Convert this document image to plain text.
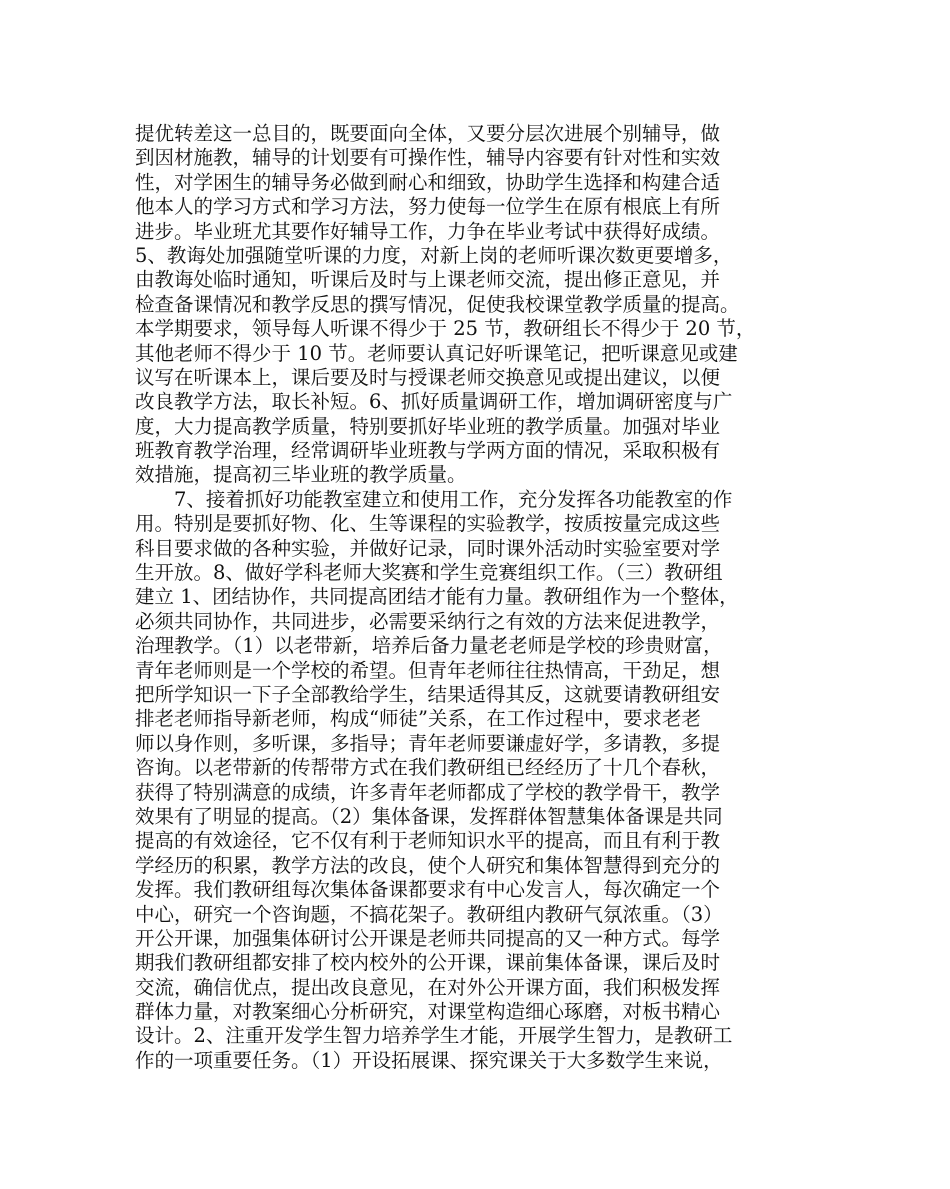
提优转差这一总目的，既要面向全体，又要分层次进展个别辅导，做
到因材施教，辅导的计划要有可操作性，辅导内容要有针对性和实效
性，对学困生的辅导务必做到耐心和细致，协助学生选择和构建合适
他本人的学习方式和学习方法，努力使每一位学生在原有根底上有所
进步。毕业班尤其要作好辅导工作，力争在毕业考试中获得好成绩。
5、教诲处加强随堂听课的力度，对新上岗的老师听课次数更要增多，
由教诲处临时通知，听课后及时与上课老师交流，提出修正意见，并
检查备课情况和教学反思的撰写情况，促使我校课堂教学质量的提高。
本学期要求，领导每人听课不得少于 25 节，教研组长不得少于 20 节，
其他老师不得少于 10 节。老师要认真记好听课笔记，把听课意见或建
议写在听课本上，课后要及时与授课老师交换意见或提出建议，以便
改良教学方法，取长补短。6、抓好质量调研工作，增加调研密度与广
度，大力提高教学质量，特别要抓好毕业班的教学质量。加强对毕业
班教育教学治理，经常调研毕业班教与学两方面的情况，采取积极有
效措施，提高初三毕业班的教学质量。
7、接着抓好功能教室建立和使用工作，充分发挥各功能教室的作
用。特别是要抓好物、化、生等课程的实验教学，按质按量完成这些
科目要求做的各种实验，并做好记录，同时课外活动时实验室要对学
生开放。8、做好学科老师大奖赛和学生竞赛组织工作。（三）教研组
建立 1、团结协作，共同提高团结才能有力量。教研组作为一个整体，
必须共同协作，共同进步，必需要采纳行之有效的方法来促进教学，
治理教学。（1）以老带新，培养后备力量老老师是学校的珍贵财富，
青年老师则是一个学校的希望。但青年老师往往热情高，干劲足，想
把所学知识一下子全部教给学生，结果适得其反，这就要请教研组安
排老老师指导新老师，构成“师徒”关系，在工作过程中，要求老老
师以身作则，多听课，多指导；青年老师要谦虚好学，多请教，多提
咨询。以老带新的传帮带方式在我们教研组已经经历了十几个春秋，
获得了特别满意的成绩，许多青年老师都成了学校的教学骨干，教学
效果有了明显的提高。（2）集体备课，发挥群体智慧集体备课是共同
提高的有效途径，它不仅有利于老师知识水平的提高，而且有利于教
学经历的积累，教学方法的改良，使个人研究和集体智慧得到充分的
发挥。我们教研组每次集体备课都要求有中心发言人，每次确定一个
中心，研究一个咨询题，不搞花架子。教研组内教研气氛浓重。（3）
开公开课，加强集体研讨公开课是老师共同提高的又一种方式。每学
期我们教研组都安排了校内校外的公开课，课前集体备课，课后及时
交流，确信优点，提出改良意见，在对外公开课方面，我们积极发挥
群体力量，对教案细心分析研究，对课堂构造细心琢磨，对板书精心
设计。2、注重开发学生智力培养学生才能，开展学生智力，是教研工
作的一项重要任务。（1）开设拓展课、探究课关于大多数学生来说，
